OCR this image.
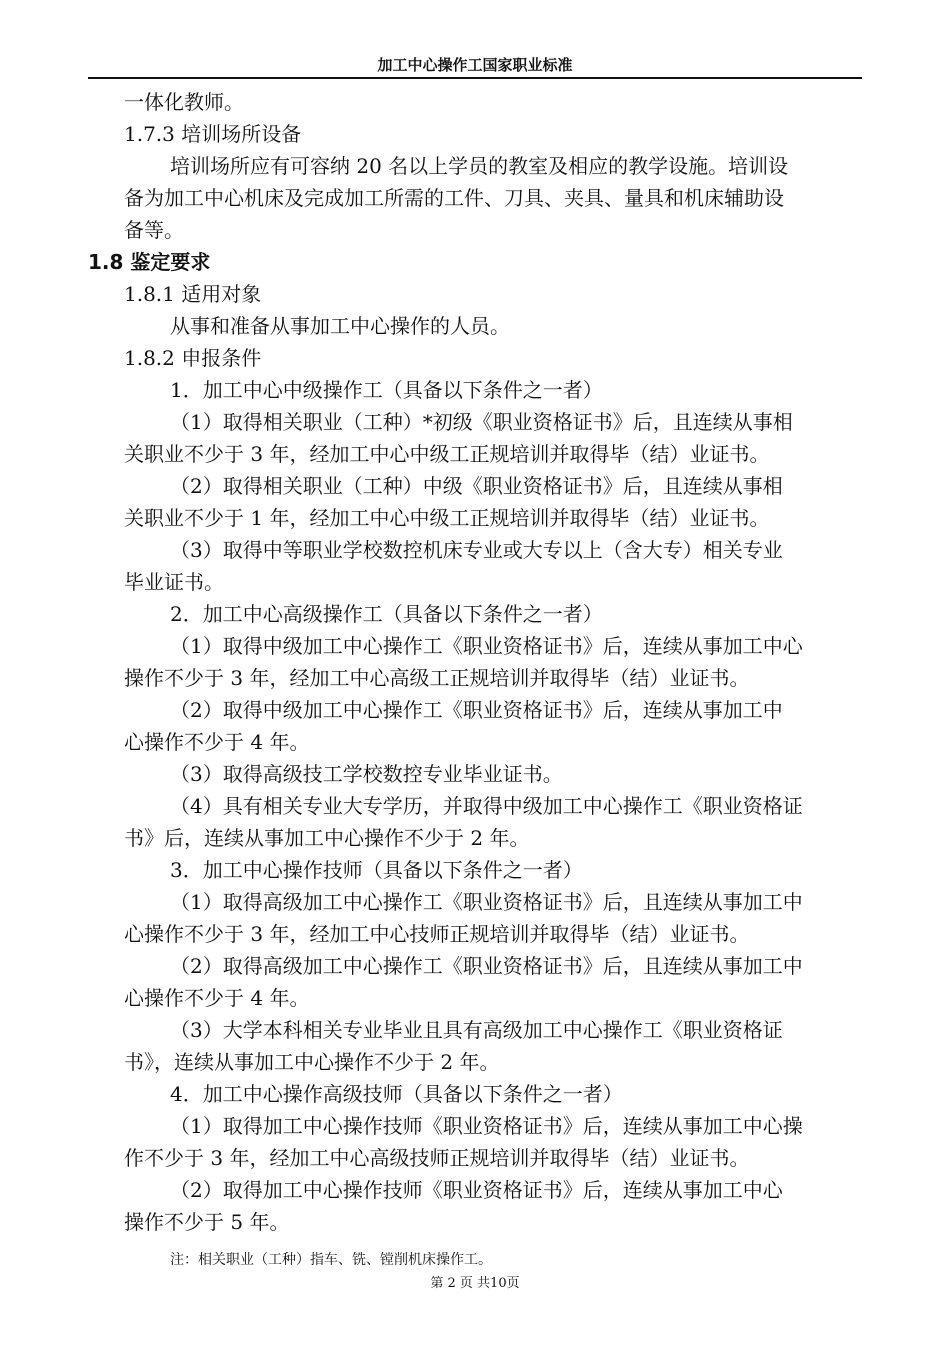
加工中心操作工国家职业标准

一体化教师。

1.7.3 培训场所设备

培训场所应有可容纳 20 名以上学员的教室及相应的教学设施。培训设

备为加工中心机床及完成加工所需的工件、刀具、夹具、量具和机床辅助设

备等。

1.8 鉴定要求

1.8.1 适用对象

从事和准备从事加工中心操作的人员。

1.8.2 申报条件

1．加工中心中级操作工（具备以下条件之一者）

（1）取得相关职业（工种）*初级《职业资格证书》后，且连续从事相

关职业不少于 3 年，经加工中心中级工正规培训并取得毕（结）业证书。

（2）取得相关职业（工种）中级《职业资格证书》后，且连续从事相

关职业不少于 1 年，经加工中心中级工正规培训并取得毕（结）业证书。

（3）取得中等职业学校数控机床专业或大专以上（含大专）相关专业

毕业证书。

2．加工中心高级操作工（具备以下条件之一者）

（1）取得中级加工中心操作工《职业资格证书》后，连续从事加工中心

操作不少于 3 年，经加工中心高级工正规培训并取得毕（结）业证书。

（2）取得中级加工中心操作工《职业资格证书》后，连续从事加工中

心操作不少于 4 年。

（3）取得高级技工学校数控专业毕业证书。

（4）具有相关专业大专学历，并取得中级加工中心操作工《职业资格证

书》后，连续从事加工中心操作不少于 2 年。

3．加工中心操作技师（具备以下条件之一者）

（1）取得高级加工中心操作工《职业资格证书》后，且连续从事加工中

心操作不少于 3 年，经加工中心技师正规培训并取得毕（结）业证书。

（2）取得高级加工中心操作工《职业资格证书》后，且连续从事加工中

心操作不少于 4 年。

（3）大学本科相关专业毕业且具有高级加工中心操作工《职业资格证

书》，连续从事加工中心操作不少于 2 年。

4．加工中心操作高级技师（具备以下条件之一者）

（1）取得加工中心操作技师《职业资格证书》后，连续从事加工中心操

作不少于 3 年，经加工中心高级技师正规培训并取得毕（结）业证书。

（2）取得加工中心操作技师《职业资格证书》后，连续从事加工中心

操作不少于 5 年。

注：相关职业（工种）指车、铣、镗削机床操作工。
第 2 页 共10页
